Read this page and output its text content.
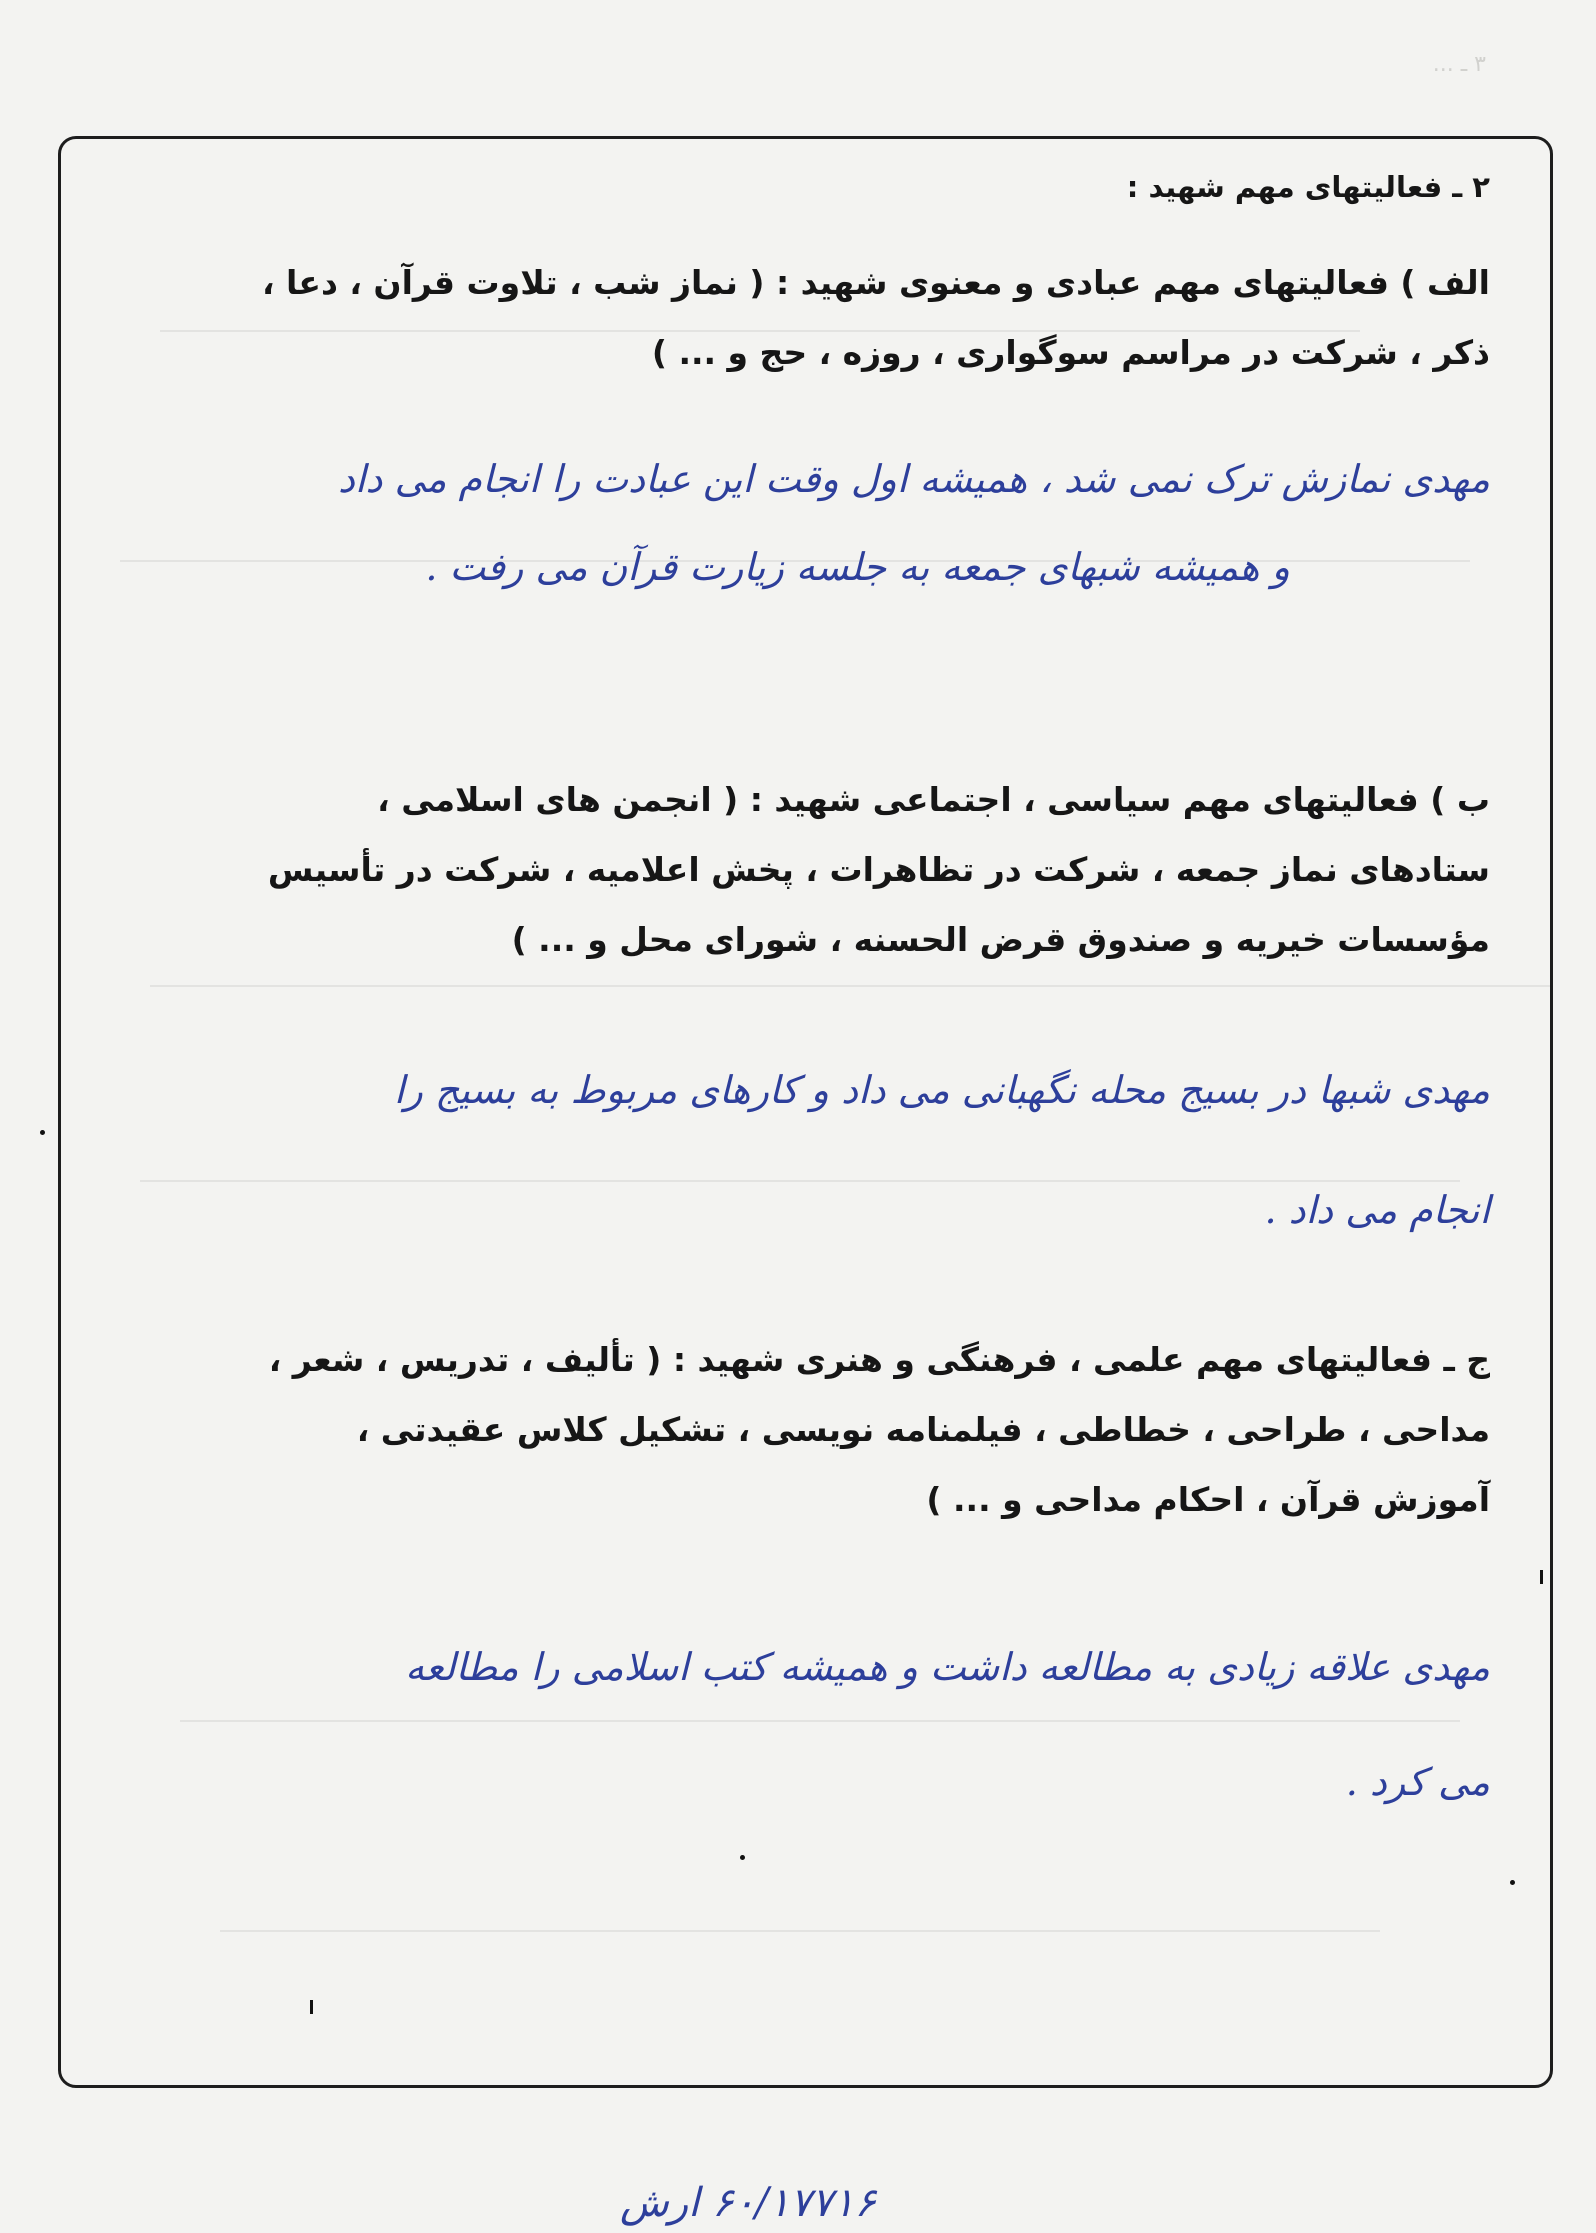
۳ ـ ...
۲ ـ فعالیتهای مهم شهید :
الف ) فعالیتهای مهم عبادی و معنوی شهید : ( نماز شب ، تلاوت قرآن ، دعا ،
ذکر ، شرکت در مراسم سوگواری ، روزه ، حج و ... )
مهدی نمازش ترک نمی شد ، همیشه اول وقت این عبادت را انجام می داد
و همیشه شبهای جمعه به جلسه زیارت قرآن می رفت .
ب ) فعالیتهای مهم سیاسی ، اجتماعی شهید : ( انجمن های اسلامی ،
ستادهای نماز جمعه ، شرکت در تظاهرات ، پخش اعلامیه ، شرکت در تأسیس
مؤسسات خیریه و صندوق قرض الحسنه ، شورای محل و ... )
مهدی شبها در بسیج محله نگهبانی می داد و کارهای مربوط به بسیج را
انجام می داد .
ج ـ فعالیتهای مهم علمی ، فرهنگی و هنری شهید : ( تألیف ، تدریس ، شعر ،
مداحی ، طراحی ، خطاطی ، فیلمنامه نویسی ، تشکیل کلاس عقیدتی ،
آموزش قرآن ، احکام مداحی و ... )
مهدی علاقه زیادی به مطالعه داشت و همیشه کتب اسلامی را مطالعه
می کرد .
۶۰/۱۷۷۱۶ ارش
